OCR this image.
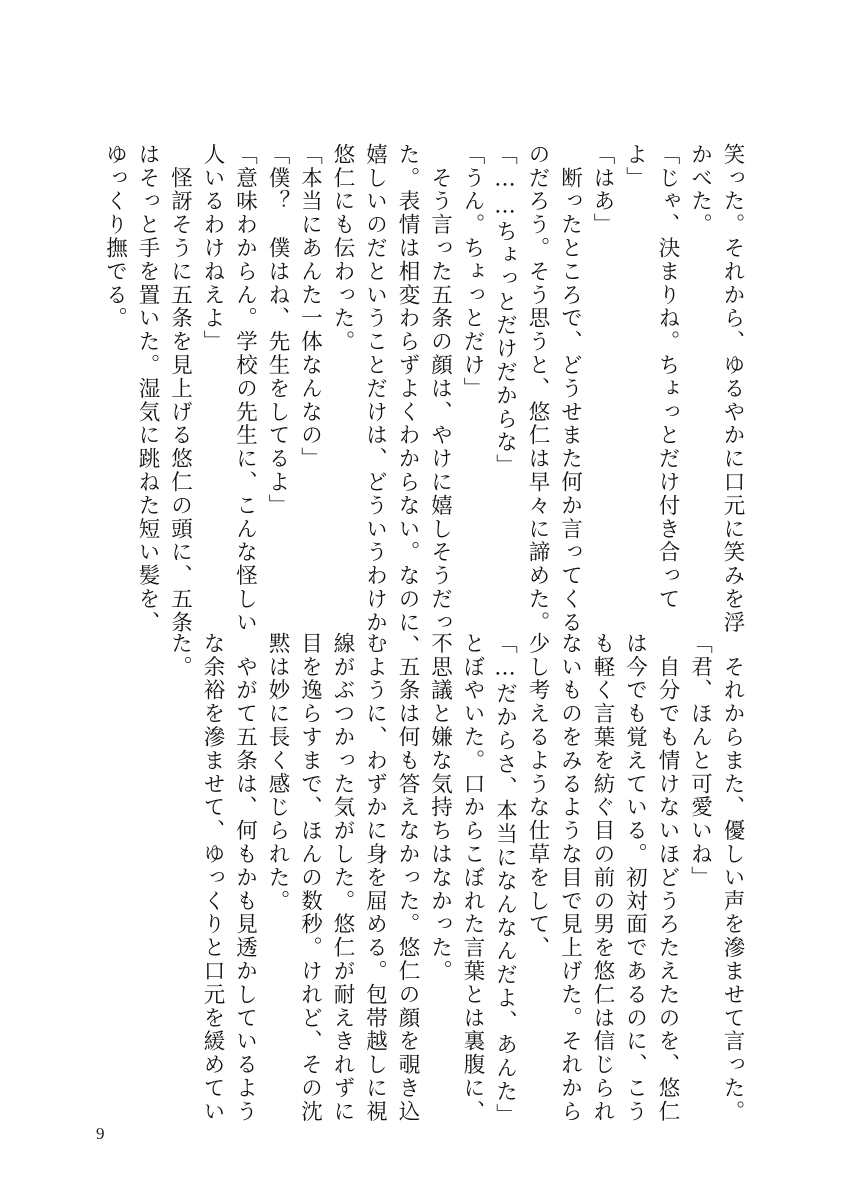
笑った。それから、ゆるやかに口元に笑みを浮

かべた。

「じゃ、決まりね。ちょっとだけ付き合って

よ」

「はあ」

　断ったところで、どうせまた何か言ってくる

のだろう。そう思うと、悠仁は早々に諦めた。

「……ちょっとだけだからな」

「うん。ちょっとだけ」

　そう言った五条の顔は、やけに嬉しそうだっ

た。表情は相変わらずよくわからない。なのに、

嬉しいのだということだけは、どういうわけか

悠仁にも伝わった。

「本当にあんた一体なんなの」

「僕？　僕はね、先生をしてるよ」

「意味わからん。学校の先生に、こんな怪しい

人いるわけねえよ」

　怪訝そうに五条を見上げる悠仁の頭に、五条

はそっと手を置いた。湿気に跳ねた短い髪を、

ゆっくり撫でる。

　それからまた、優しい声を滲ませて言った。

「君、ほんと可愛いね」

　自分でも情けないほどうろたえたのを、悠仁

は今でも覚えている。初対面であるのに、こう

も軽く言葉を紡ぐ目の前の男を悠仁は信じられ

ないものをみるような目で見上げた。それから

少し考えるような仕草をして、

「…だからさ、本当になんなんだよ、あんた」

とぼやいた。口からこぼれた言葉とは裏腹に、

不思議と嫌な気持ちはなかった。

　五条は何も答えなかった。悠仁の顔を覗き込

むように、わずかに身を屈める。包帯越しに視

線がぶつかった気がした。悠仁が耐えきれずに

目を逸らすまで、ほんの数秒。けれど、その沈

黙は妙に長く感じられた。

　やがて五条は、何もかも見透かしているよう

な余裕を滲ませて、ゆっくりと口元を緩めてい

た。

9
